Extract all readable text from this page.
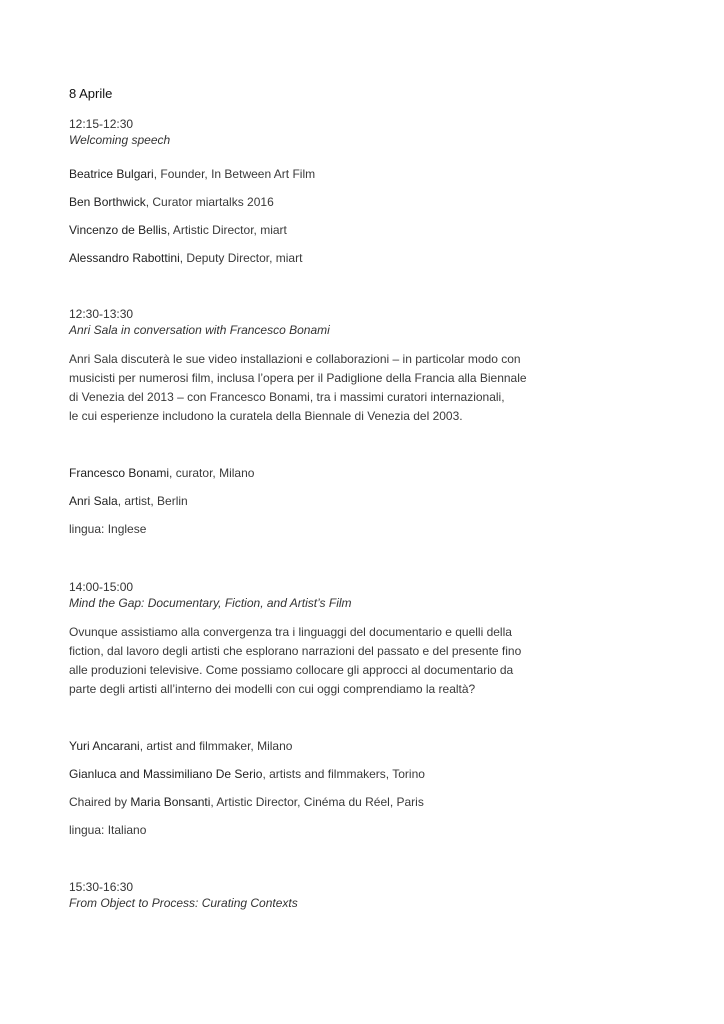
8 Aprile
12:15-12:30
Welcoming speech
Beatrice Bulgari, Founder, In Between Art Film
Ben Borthwick, Curator miartalks 2016
Vincenzo de Bellis, Artistic Director, miart
Alessandro Rabottini, Deputy Director, miart
12:30-13:30
Anri Sala in conversation with Francesco Bonami
Anri Sala discuterà le sue video installazioni e collaborazioni – in particolar modo con
musicisti per numerosi film, inclusa l’opera per il Padiglione della Francia alla Biennale
di Venezia del 2013 – con Francesco Bonami, tra i massimi curatori internazionali,
le cui esperienze includono la curatela della Biennale di Venezia del 2003.
Francesco Bonami, curator, Milano
Anri Sala, artist, Berlin
lingua: Inglese
14:00-15:00
Mind the Gap: Documentary, Fiction, and Artist’s Film
Ovunque assistiamo alla convergenza tra i linguaggi del documentario e quelli della
fiction, dal lavoro degli artisti che esplorano narrazioni del passato e del presente fino
alle produzioni televisive. Come possiamo collocare gli approcci al documentario da
parte degli artisti all’interno dei modelli con cui oggi comprendiamo la realtà?
Yuri Ancarani, artist and filmmaker, Milano
Gianluca and Massimiliano De Serio, artists and filmmakers, Torino
Chaired by Maria Bonsanti, Artistic Director, Cinéma du Réel, Paris
lingua: Italiano
15:30-16:30
From Object to Process: Curating Contexts
